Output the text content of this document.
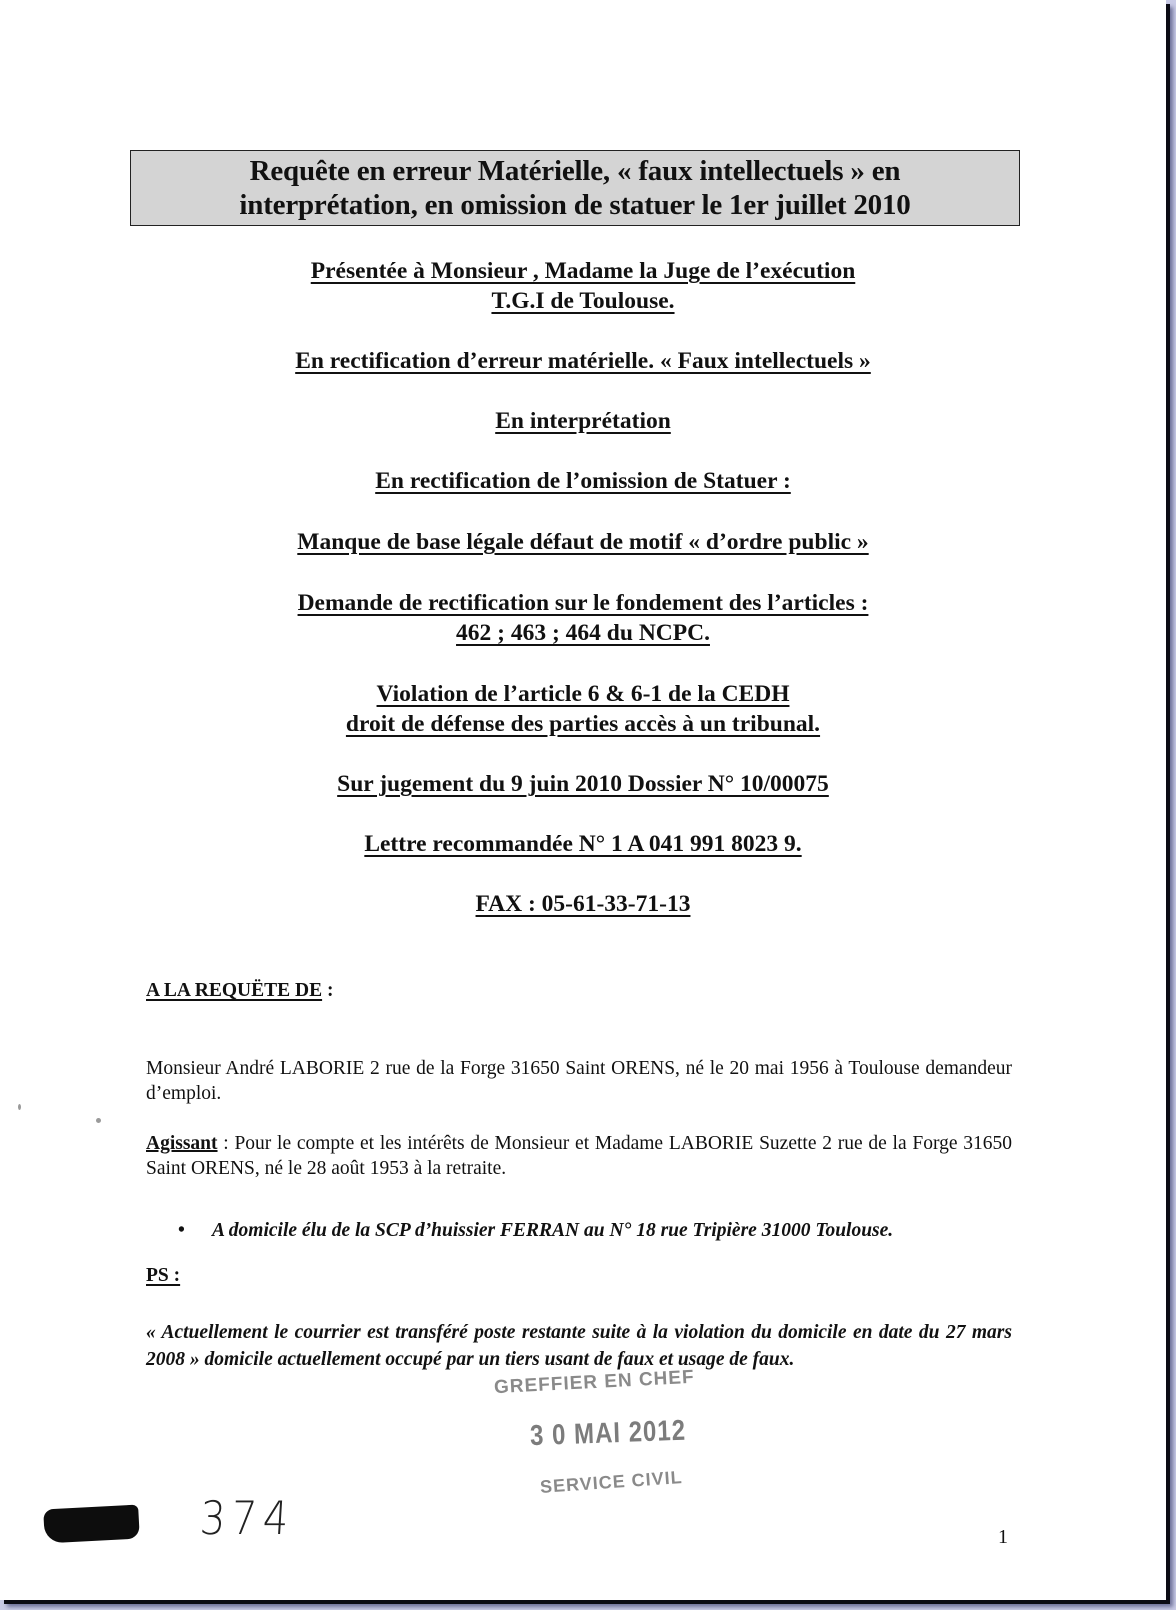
Requête en erreur Matérielle, « faux intellectuels » en
interprétation, en omission de statuer le 1er juillet 2010
Présentée à Monsieur , Madame la Juge de l’exécution
T.G.I de Toulouse.
En rectification d’erreur matérielle. « Faux intellectuels »
En interprétation
En rectification de l’omission de Statuer :
Manque de base légale défaut de motif « d’ordre public »
Demande de rectification sur le fondement des l’articles :
462 ; 463 ; 464 du NCPC.
Violation de l’article 6 & 6-1 de la CEDH
droit de défense des parties accès à un tribunal.
Sur jugement du 9 juin 2010 Dossier N° 10/00075
Lettre recommandée N° 1 A 041 991 8023 9.
FAX : 05-61-33-71-13
A LA REQUËTE DE :
Monsieur André LABORIE 2 rue de la Forge 31650 Saint ORENS, né le 20 mai 1956 à Toulouse demandeur d’emploi.
Agissant : Pour le compte et les intérêts de Monsieur et Madame LABORIE Suzette 2 rue de la Forge 31650 Saint ORENS, né le 28 août 1953 à la retraite.
• A domicile élu de la SCP d’huissier FERRAN au N° 18 rue Tripière 31000 Toulouse.
PS :
« Actuellement le courrier est transféré poste restante suite à la violation du domicile en date du 27 mars 2008 » domicile actuellement occupé par un tiers usant de faux et usage de faux.
GREFFIER EN CHEF
3 0 MAI 2012
SERVICE CIVIL
374	1
